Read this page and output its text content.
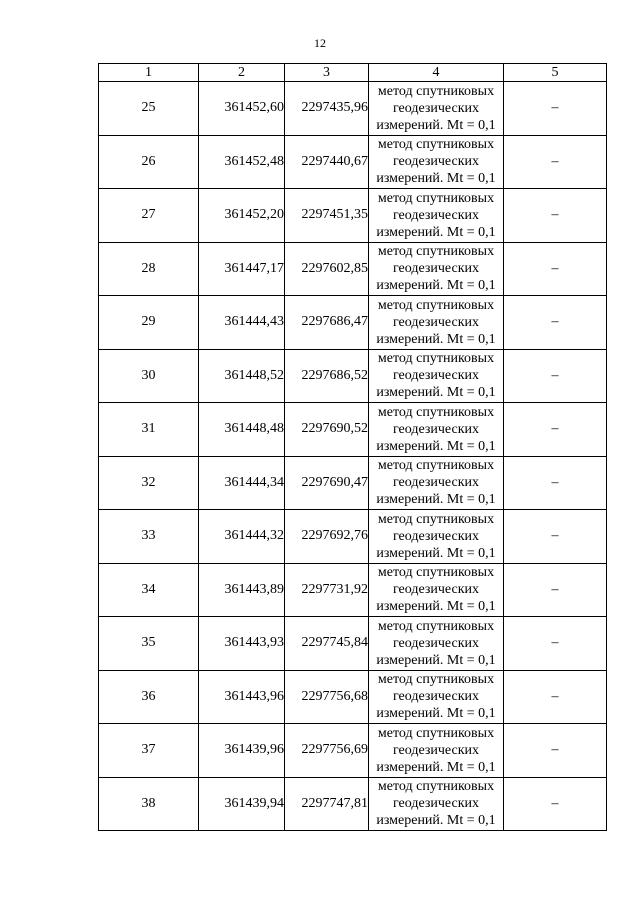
12
1	2	3	4	5
25	361452,60	2297435,96	метод спутниковых
геодезических
измерений. Mt = 0,1	–
26	361452,48	2297440,67	метод спутниковых
геодезических
измерений. Mt = 0,1	–
27	361452,20	2297451,35	метод спутниковых
геодезических
измерений. Mt = 0,1	–
28	361447,17	2297602,85	метод спутниковых
геодезических
измерений. Mt = 0,1	–
29	361444,43	2297686,47	метод спутниковых
геодезических
измерений. Mt = 0,1	–
30	361448,52	2297686,52	метод спутниковых
геодезических
измерений. Mt = 0,1	–
31	361448,48	2297690,52	метод спутниковых
геодезических
измерений. Mt = 0,1	–
32	361444,34	2297690,47	метод спутниковых
геодезических
измерений. Mt = 0,1	–
33	361444,32	2297692,76	метод спутниковых
геодезических
измерений. Mt = 0,1	–
34	361443,89	2297731,92	метод спутниковых
геодезических
измерений. Mt = 0,1	–
35	361443,93	2297745,84	метод спутниковых
геодезических
измерений. Mt = 0,1	–
36	361443,96	2297756,68	метод спутниковых
геодезических
измерений. Mt = 0,1	–
37	361439,96	2297756,69	метод спутниковых
геодезических
измерений. Mt = 0,1	–
38	361439,94	2297747,81	метод спутниковых
геодезических
измерений. Mt = 0,1	–
